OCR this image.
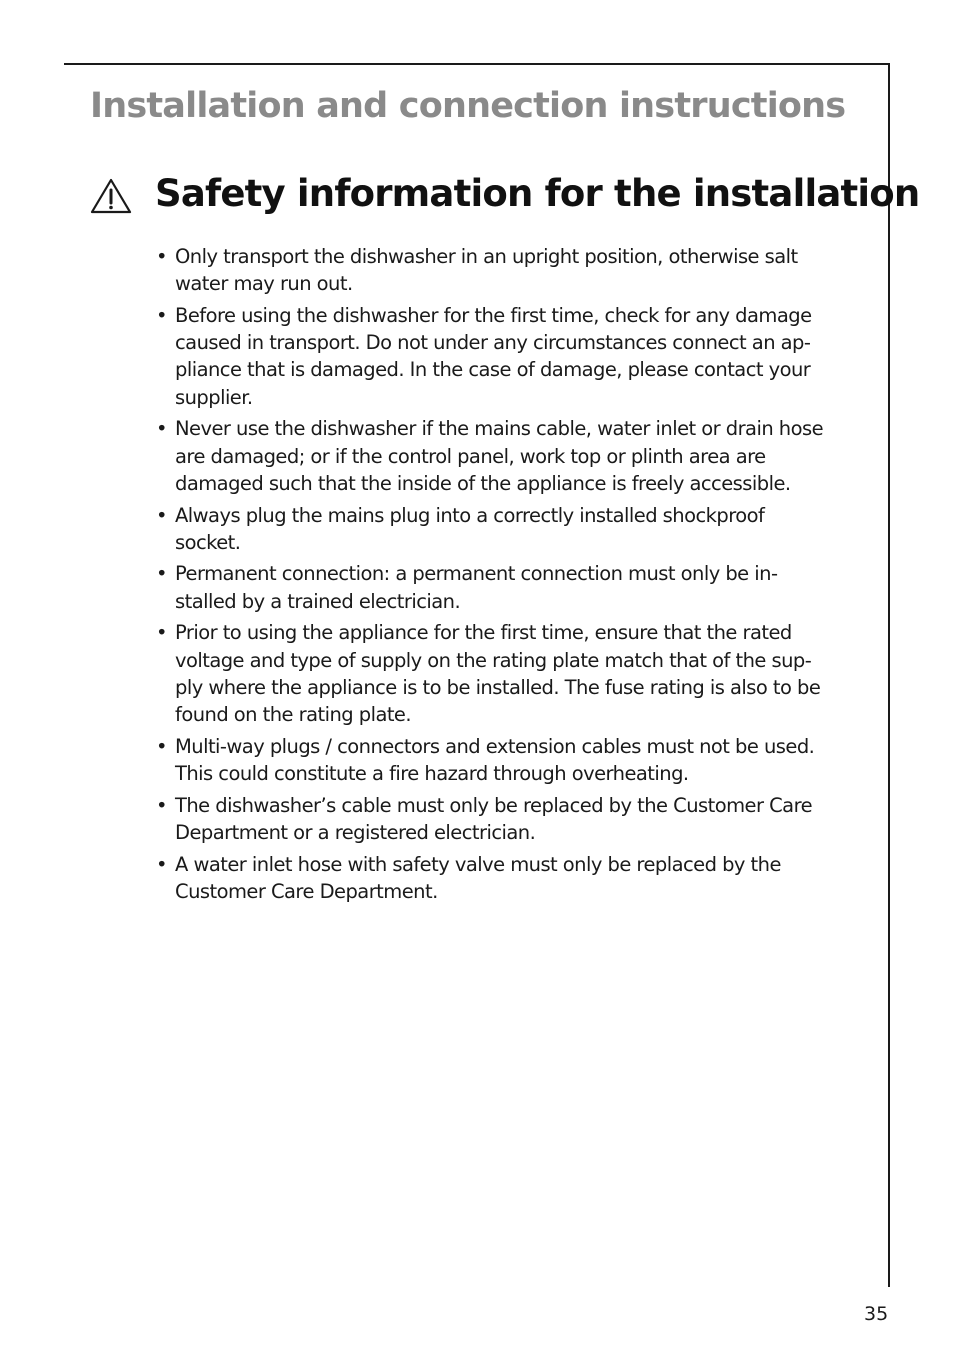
Installation and connection instructions
Safety information for the installation
• Only transport the dishwasher in an upright position, otherwise salt
water may run out.
• Before using the dishwasher for the first time, check for any damage
caused in transport. Do not under any circumstances connect an ap-
pliance that is damaged. In the case of damage, please contact your
supplier.
• Never use the dishwasher if the mains cable, water inlet or drain hose
are damaged; or if the control panel, work top or plinth area are
damaged such that the inside of the appliance is freely accessible.
• Always plug the mains plug into a correctly installed shockproof
socket.
• Permanent connection: a permanent connection must only be in-
stalled by a trained electrician.
• Prior to using the appliance for the first time, ensure that the rated
voltage and type of supply on the rating plate match that of the sup-
ply where the appliance is to be installed. The fuse rating is also to be
found on the rating plate.
• Multi-way plugs / connectors and extension cables must not be used.
This could constitute a fire hazard through overheating.
• The dishwasher’s cable must only be replaced by the Customer Care
Department or a registered electrician.
• A water inlet hose with safety valve must only be replaced by the
Customer Care Department.
35
